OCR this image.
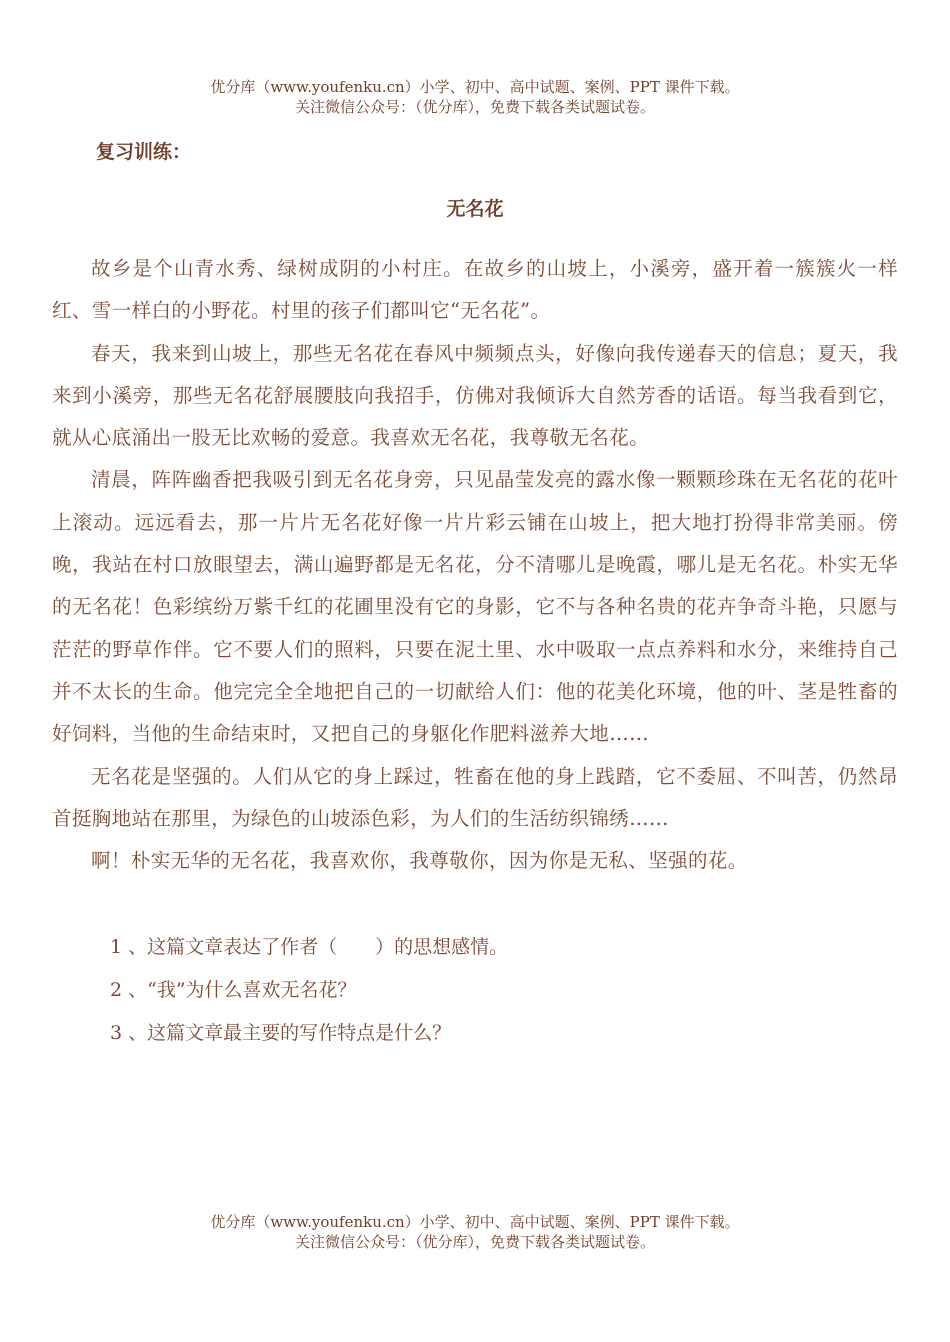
优分库（www.youfenku.cn）小学、初中、高中试题、案例、PPT 课件下载。
关注微信公众号：（优分库），免费下载各类试题试卷。
复习训练：
无名花

故乡是个山青水秀、绿树成阴的小村庄。在故乡的山坡上，小溪旁，盛开着一簇簇火一样红、雪一样白的小野花。村里的孩子们都叫它“无名花”。

春天，我来到山坡上，那些无名花在春风中频频点头，好像向我传递春天的信息；夏天，我来到小溪旁，那些无名花舒展腰肢向我招手，仿佛对我倾诉大自然芳香的话语。每当我看到它，就从心底涌出一股无比欢畅的爱意。我喜欢无名花，我尊敬无名花。

清晨，阵阵幽香把我吸引到无名花身旁，只见晶莹发亮的露水像一颗颗珍珠在无名花的花叶上滚动。远远看去，那一片片无名花好像一片片彩云铺在山坡上，把大地打扮得非常美丽。傍晚，我站在村口放眼望去，满山遍野都是无名花，分不清哪儿是晚霞，哪儿是无名花。朴实无华的无名花！色彩缤纷万紫千红的花圃里没有它的身影，它不与各种名贵的花卉争奇斗艳，只愿与茫茫的野草作伴。它不要人们的照料，只要在泥土里、水中吸取一点点养料和水分，来维持自己并不太长的生命。他完完全全地把自己的一切献给人们：他的花美化环境，他的叶、茎是牲畜的好饲料，当他的生命结束时，又把自己的身躯化作肥料滋养大地……

无名花是坚强的。人们从它的身上踩过，牲畜在他的身上践踏，它不委屈、不叫苦，仍然昂首挺胸地站在那里，为绿色的山坡添色彩，为人们的生活纺织锦绣……

啊！朴实无华的无名花，我喜欢你，我尊敬你，因为你是无私、坚强的花。

1 、这篇文章表达了作者（　　）的思想感情。
2 、“我”为什么喜欢无名花？
3 、这篇文章最主要的写作特点是什么？
优分库（www.youfenku.cn）小学、初中、高中试题、案例、PPT 课件下载。
关注微信公众号：（优分库），免费下载各类试题试卷。
